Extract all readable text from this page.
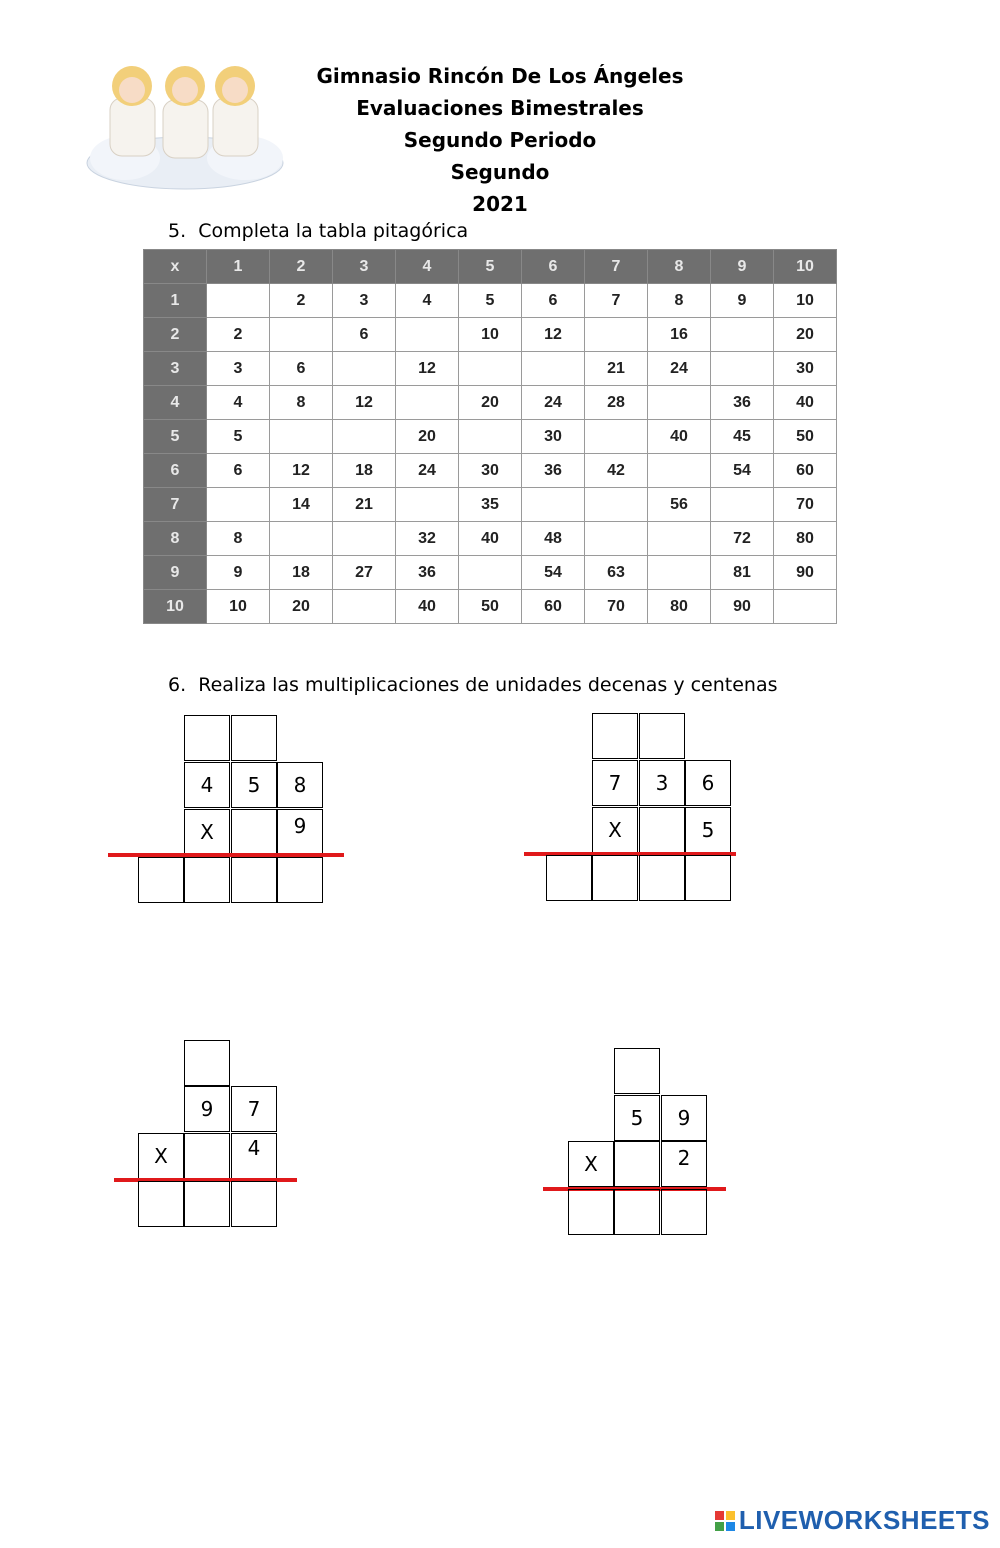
Gimnasio Rincón De Los Ángeles
Evaluaciones Bimestrales
Segundo Periodo
Segundo
2021
5. Completa la tabla pitagórica
x	1	2	3	4	5	6	7	8	9	10
1		2	3	4	5	6	7	8	9	10
2	2		6		10	12		16		20
3	3	6		12			21	24		30
4	4	8	12		20	24	28		36	40
5	5			20		30		40	45	50
6	6	12	18	24	30	36	42		54	60
7		14	21		35			56		70
8	8			32	40	48			72	80
9	9	18	27	36		54	63		81	90
10	10	20		40	50	60	70	80	90	
6. Realiza las multiplicaciones de unidades decenas y centenas
4	5	8
X	9
7	3	6
X	5
9	7
X	4
5	9
X	2
LIVEWORKSHEETS
